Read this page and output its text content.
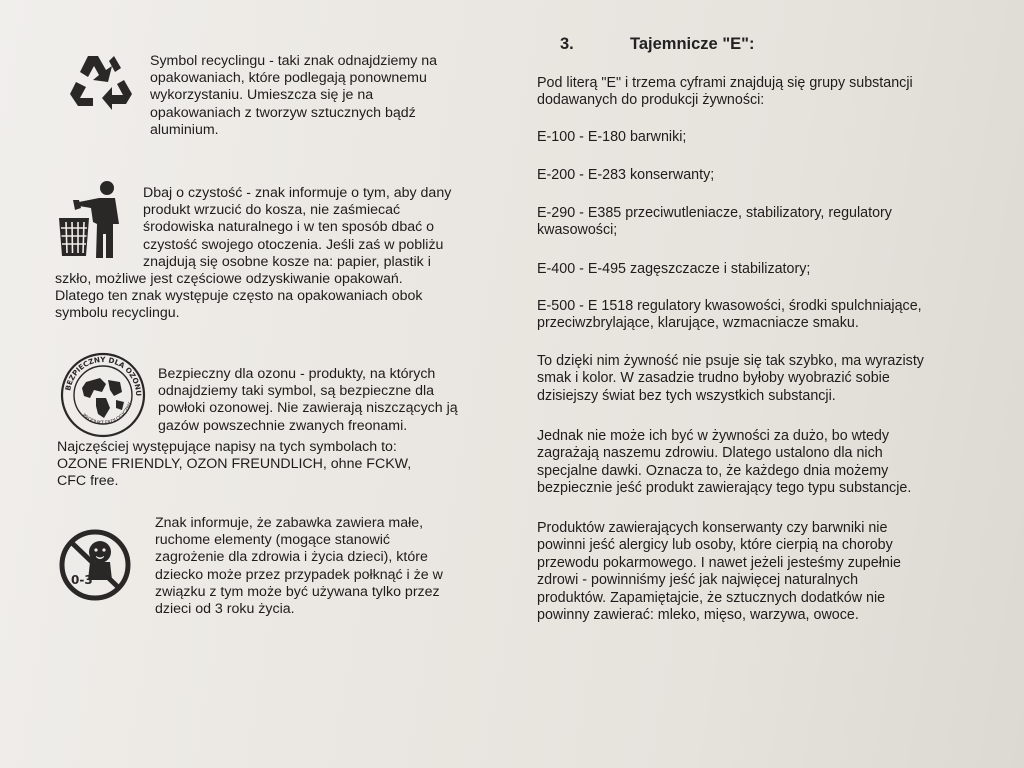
Symbol recyclingu - taki znak odnajdziemy na
opakowaniach, które podlegają ponownemu
wykorzystaniu. Umieszcza się je na
opakowaniach z tworzyw sztucznych bądź
aluminium.
Dbaj o czystość - znak informuje o tym, aby dany
produkt wrzucić do kosza, nie zaśmiecać
środowiska naturalnego i w ten sposób dbać o
czystość swojego otoczenia. Jeśli zaś w pobliżu
znajdują się osobne kosze na: papier, plastik i
szkło, możliwe jest częściowe odzyskiwanie opakowań.
Dlatego ten znak występuje często na opakowaniach obok
symbolu recyclingu.
BEZPIECZNY DLA OZONU
PRODUKT EKOLOGICZNY
Bezpieczny dla ozonu - produkty, na których
odnajdziemy taki symbol, są bezpieczne dla
powłoki ozonowej. Nie zawierają niszczących ją
gazów powszechnie zwanych freonami.
Najczęściej występujące napisy na tych symbolach to:
OZONE FRIENDLY, OZON FREUNDLICH, ohne FCKW,
CFC free.
0-3
Znak informuje, że zabawka zawiera małe,
ruchome elementy (mogące stanowić
zagrożenie dla zdrowia i życia dzieci), które
dziecko może przez przypadek połknąć i że w
związku z tym może być używana tylko przez
dzieci od 3 roku życia.
3.	Tajemnicze "E":

Pod literą "E" i trzema cyframi znajdują się grupy substancji

dodawanych do produkcji żywności:

E-100 - E-180 barwniki;

E-200 - E-283 konserwanty;

E-290 - E385 przeciwutleniacze, stabilizatory, regulatory

kwasowości;

E-400 - E-495 zagęszczacze i stabilizatory;

E-500 - E 1518 regulatory kwasowości, środki spulchniające,

przeciwzbrylające, klarujące, wzmacniacze smaku.

To dzięki nim żywność nie psuje się tak szybko, ma wyrazisty

smak i kolor. W zasadzie trudno byłoby wyobrazić sobie

dzisiejszy świat bez tych wszystkich substancji.

Jednak nie może ich być w żywności za dużo, bo wtedy

zagrażają naszemu zdrowiu. Dlatego ustalono dla nich

specjalne dawki. Oznacza to, że każdego dnia możemy

bezpiecznie jeść produkt zawierający tego typu substancje.

Produktów zawierających konserwanty czy barwniki nie

powinni jeść alergicy lub osoby, które cierpią na choroby

przewodu pokarmowego. I nawet jeżeli jesteśmy zupełnie

zdrowi - powinniśmy jeść jak najwięcej naturalnych

produktów. Zapamiętajcie, że sztucznych dodatków nie

powinny zawierać: mleko, mięso, warzywa, owoce.
